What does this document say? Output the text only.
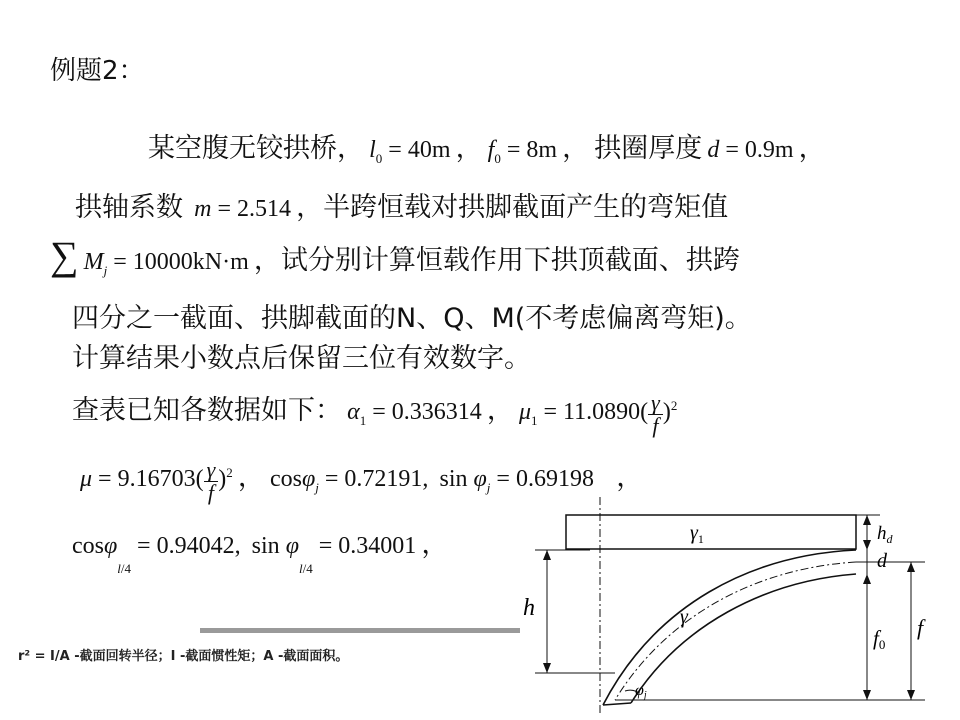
例题2：
某空腹无铰拱桥， $l_0 = 40m$ ， $f_0 = 8m$ ， 拱圈厚度 d = 0.9m ，
拱轴系数 m = 2.514 ，半跨恒载对拱脚截面产生的弯矩值
∑ $M_j = 10000kN\cdot m$ ，试分别计算恒载作用下拱顶截面、拱跨
四分之一截面、拱脚截面的N、Q、M(不考虑偏离弯矩)。
计算结果小数点后保留三位有效数字。
查表已知各数据如下： $\alpha_1 = 0.336314$ ， $\mu_1 = 11.0890( \frac{\gamma}{f} )^2$
$\mu = 9.16703( \frac{\gamma}{f} )^2$ ， cosφ$_j$ = 0.72191,  $\sin \varphi_j = 0.69198$   ，
cosφ$_{l/4}$ = 0.94042,  $\sin \varphi_{l/4} = 0.34001$ ，
r² = I/A -截面回转半径；I -截面惯性矩；A -截面面积。
h
$h_d$
d
f0
f
$\gamma_1$
γ
φj
